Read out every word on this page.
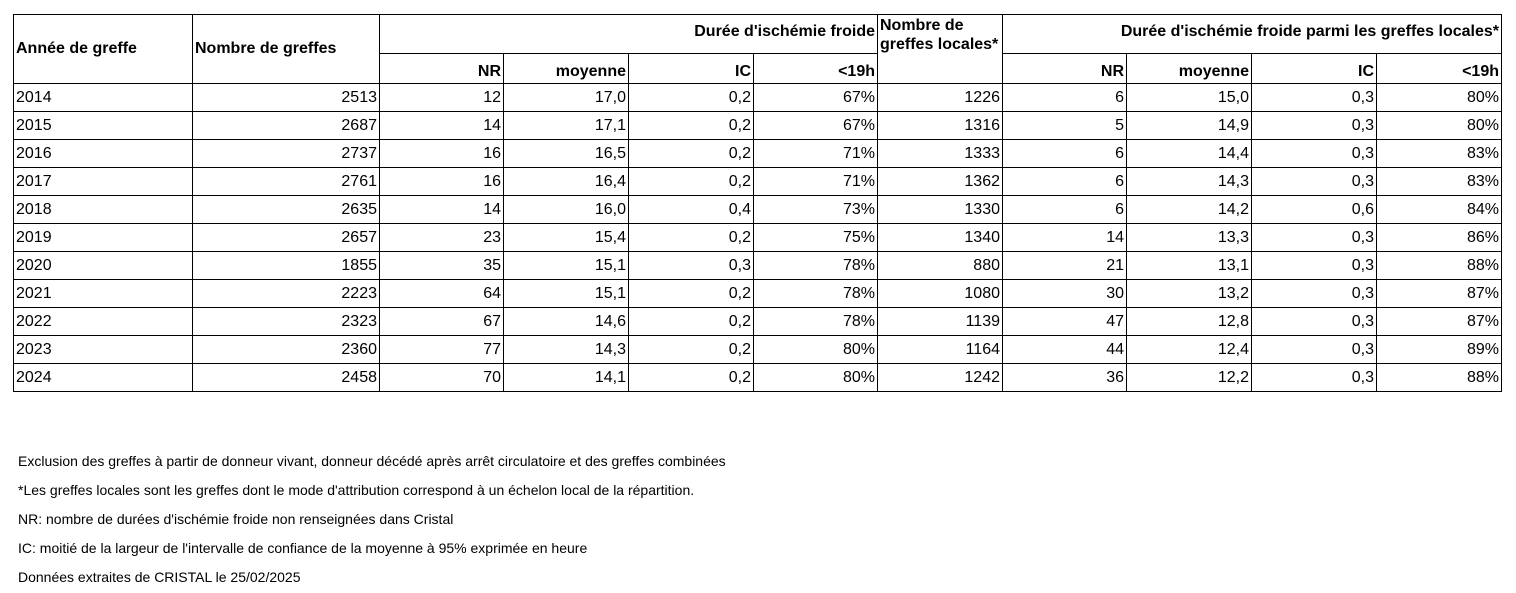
Année de greffe	Nombre de greffes	Durée d'ischémie froide				Nombre de greffes locales*	Durée d'ischémie froide parmi les greffes locales*			
		NR	moyenne	IC	<19h		NR	moyenne	IC	<19h
2014	2513	12	17,0	0,2	67%	1226	6	15,0	0,3	80%
2015	2687	14	17,1	0,2	67%	1316	5	14,9	0,3	80%
2016	2737	16	16,5	0,2	71%	1333	6	14,4	0,3	83%
2017	2761	16	16,4	0,2	71%	1362	6	14,3	0,3	83%
2018	2635	14	16,0	0,4	73%	1330	6	14,2	0,6	84%
2019	2657	23	15,4	0,2	75%	1340	14	13,3	0,3	86%
2020	1855	35	15,1	0,3	78%	880	21	13,1	0,3	88%
2021	2223	64	15,1	0,2	78%	1080	30	13,2	0,3	87%
2022	2323	67	14,6	0,2	78%	1139	47	12,8	0,3	87%
2023	2360	77	14,3	0,2	80%	1164	44	12,4	0,3	89%
2024	2458	70	14,1	0,2	80%	1242	36	12,2	0,3	88%
Exclusion des greffes à partir de donneur vivant, donneur décédé après arrêt circulatoire et des greffes combinées
*Les greffes locales sont les greffes dont le mode d'attribution correspond à un échelon local de la répartition.
NR: nombre de durées d'ischémie froide non renseignées dans Cristal
IC: moitié de la largeur de l'intervalle de confiance de la moyenne à 95% exprimée en heure
Données extraites de CRISTAL le 25/02/2025
